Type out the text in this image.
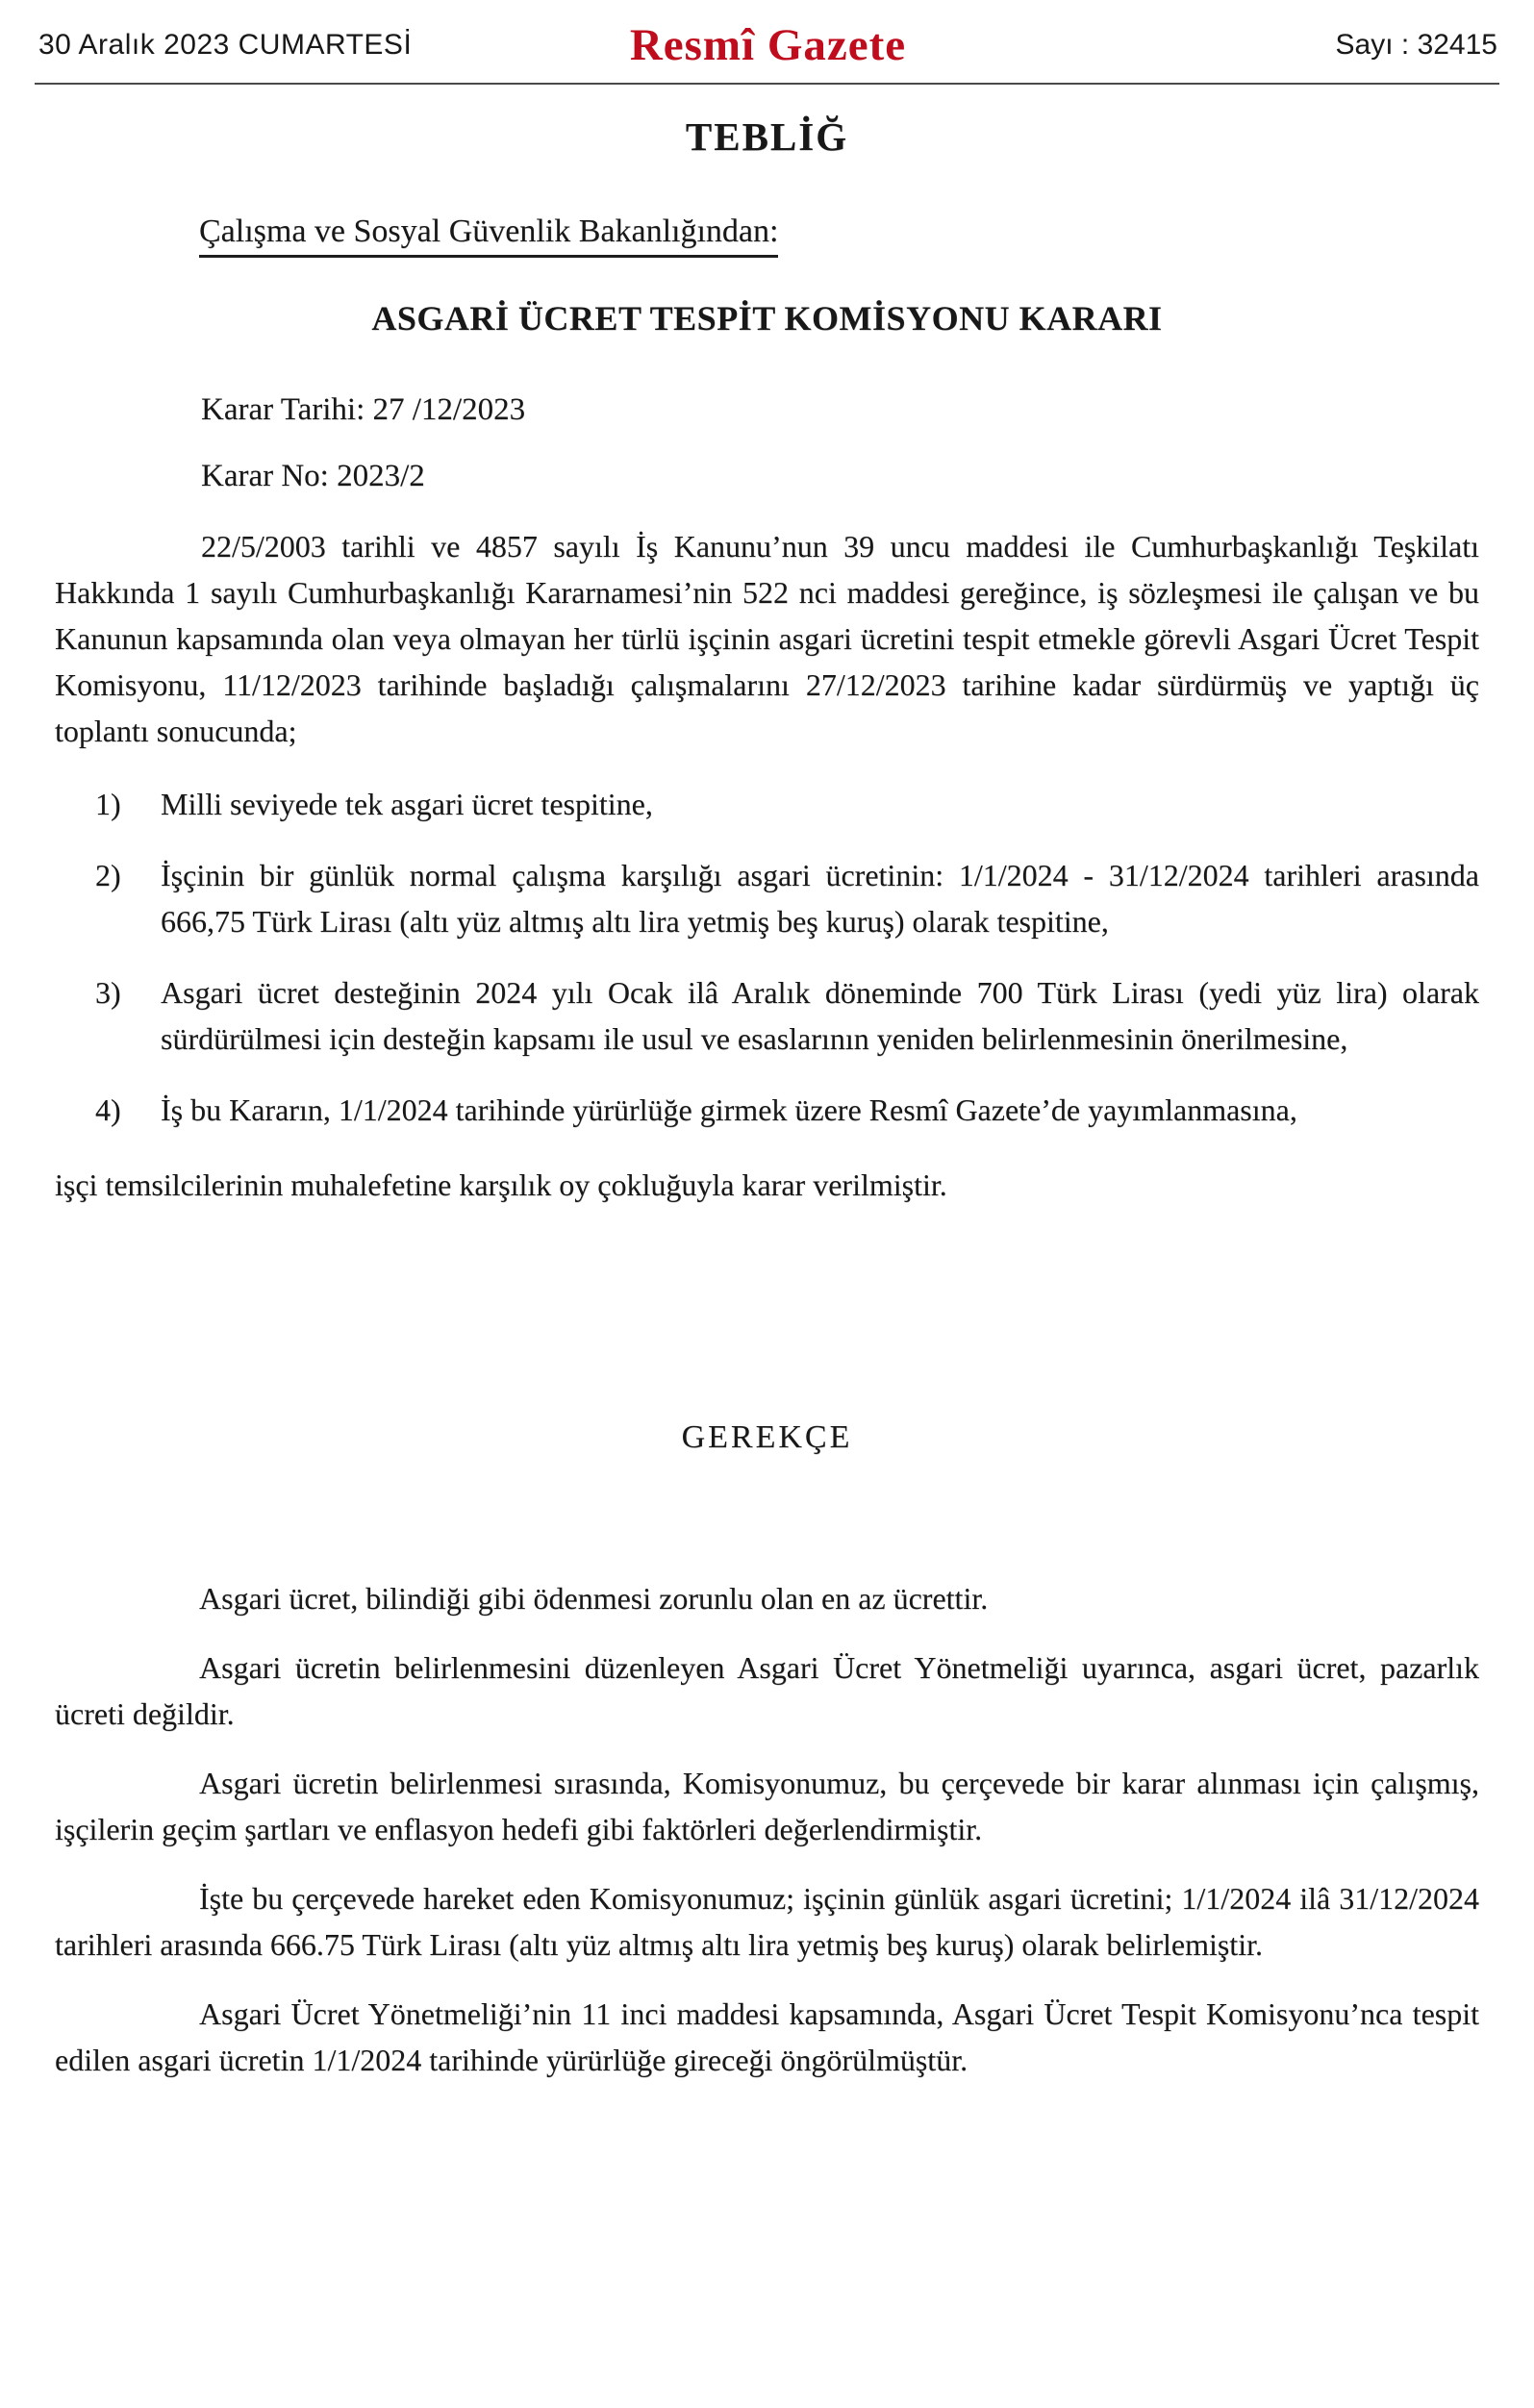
30 Aralık 2023 CUMARTESİ	Resmî Gazete	Sayı : 32415
TEBLİĞ
Çalışma ve Sosyal Güvenlik Bakanlığından:
ASGARİ ÜCRET TESPİT KOMİSYONU KARARI
Karar Tarihi: 27 /12/2023
Karar No: 2023/2

22/5/2003 tarihli ve 4857 sayılı İş Kanunu’nun 39 uncu maddesi ile Cumhurbaşkanlığı Teşkilatı Hakkında 1 sayılı Cumhurbaşkanlığı Kararnamesi’nin 522 nci maddesi gereğince, iş sözleşmesi ile çalışan ve bu Kanunun kapsamında olan veya olmayan her türlü işçinin asgari ücretini tespit etmekle görevli Asgari Ücret Tespit Komisyonu, 11/12/2023 tarihinde başladığı çalışmalarını 27/12/2023 tarihine kadar sürdürmüş ve yaptığı üç toplantı sonucunda;

1) Milli seviyede tek asgari ücret tespitine,
2) İşçinin bir günlük normal çalışma karşılığı asgari ücretinin: 1/1/2024 - 31/12/2024 tarihleri arasında 666,75 Türk Lirası (altı yüz altmış altı lira yetmiş beş kuruş) olarak tespitine,
3) Asgari ücret desteğinin 2024 yılı Ocak ilâ Aralık döneminde 700 Türk Lirası (yedi yüz lira) olarak sürdürülmesi için desteğin kapsamı ile usul ve esaslarının yeniden belirlenmesinin önerilmesine,
4) İş bu Kararın, 1/1/2024 tarihinde yürürlüğe girmek üzere Resmî Gazete’de yayımlanmasına,

işçi temsilcilerinin muhalefetine karşılık oy çokluğuyla karar verilmiştir.

GEREKÇE

Asgari ücret, bilindiği gibi ödenmesi zorunlu olan en az ücrettir.

Asgari ücretin belirlenmesini düzenleyen Asgari Ücret Yönetmeliği uyarınca, asgari ücret, pazarlık ücreti değildir.

Asgari ücretin belirlenmesi sırasında, Komisyonumuz, bu çerçevede bir karar alınması için çalışmış, işçilerin geçim şartları ve enflasyon hedefi gibi faktörleri değerlendirmiştir.

İşte bu çerçevede hareket eden Komisyonumuz; işçinin günlük asgari ücretini; 1/1/2024 ilâ 31/12/2024 tarihleri arasında 666.75 Türk Lirası (altı yüz altmış altı lira yetmiş beş kuruş) olarak belirlemiştir.

Asgari Ücret Yönetmeliği’nin 11 inci maddesi kapsamında, Asgari Ücret Tespit Komisyonu’nca tespit edilen asgari ücretin 1/1/2024 tarihinde yürürlüğe gireceği öngörülmüştür.
